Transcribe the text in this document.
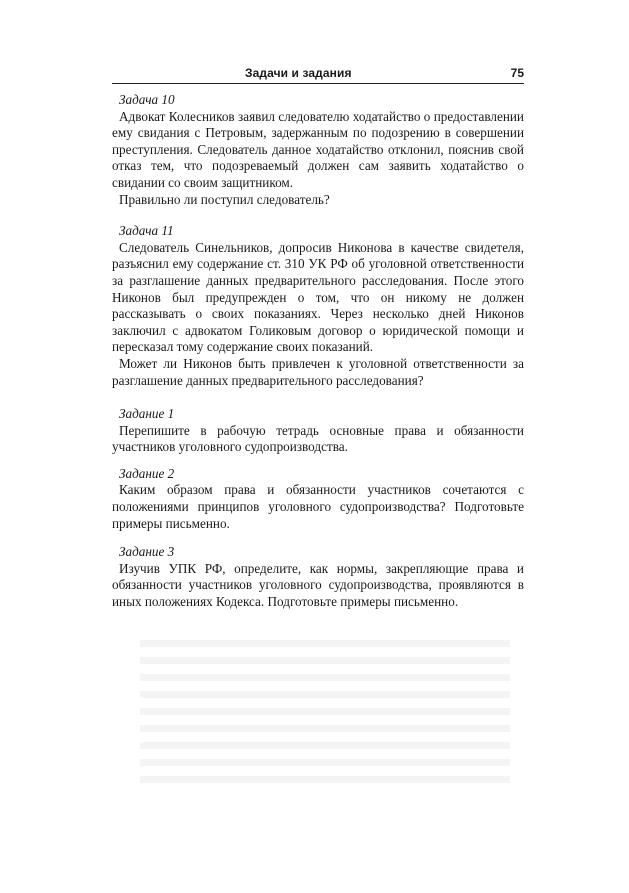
Задачи и задания	75
Задача 10

Адвокат Колесников заявил следователю ходатайство о предоставлении ему свидания с Петровым, задержанным по подозрению в совершении преступления. Следователь данное ходатайство отклонил, пояснив свой отказ тем, что подозреваемый должен сам заявить ходатайство о свидании со своим защитником.

Правильно ли поступил следователь?

Задача 11

Следователь Синельников, допросив Никонова в качестве свидетеля, разъяснил ему содержание ст. 310 УК РФ об уголовной ответственности за разглашение данных предварительного расследования. После этого Никонов был предупрежден о том, что он никому не должен рассказывать о своих показаниях. Через несколько дней Никонов заключил с адвокатом Голиковым договор о юридической помощи и пересказал тому содержание своих показаний.

Может ли Никонов быть привлечен к уголовной ответственности за разглашение данных предварительного расследования?

Задание 1

Перепишите в рабочую тетрадь основные права и обязанности участников уголовного судопроизводства.

Задание 2

Каким образом права и обязанности участников сочетаются с положениями принципов уголовного судопроизводства? Подготовьте примеры письменно.

Задание 3

Изучив УПК РФ, определите, как нормы, закрепляющие права и обязанности участников уголовного судопроизводства, проявляются в иных положениях Кодекса. Подготовьте примеры письменно.
